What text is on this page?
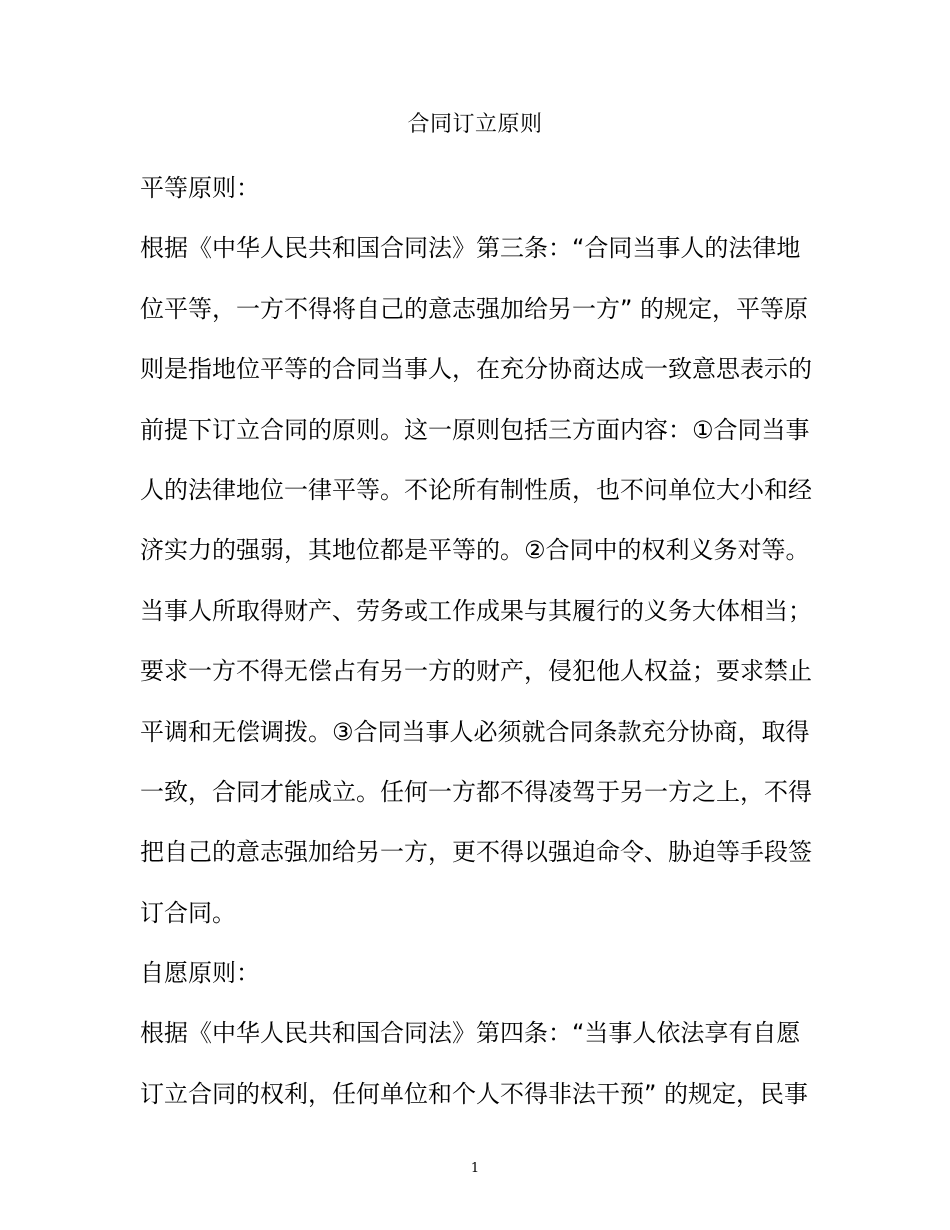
合同订立原则
平等原则：
根据《中华人民共和国合同法》第三条：“合同当事人的法律地
位平等，一方不得将自己的意志强加给另一方” 的规定，平等原
则是指地位平等的合同当事人，在充分协商达成一致意思表示的
前提下订立合同的原则。这一原则包括三方面内容：①合同当事
人的法律地位一律平等。不论所有制性质，也不问单位大小和经
济实力的强弱，其地位都是平等的。②合同中的权利义务对等。
当事人所取得财产、劳务或工作成果与其履行的义务大体相当；
要求一方不得无偿占有另一方的财产，侵犯他人权益；要求禁止
平调和无偿调拨。③合同当事人必须就合同条款充分协商，取得
一致，合同才能成立。任何一方都不得凌驾于另一方之上，不得
把自己的意志强加给另一方，更不得以强迫命令、胁迫等手段签
订合同。
自愿原则：
根据《中华人民共和国合同法》第四条：“当事人依法享有自愿
订立合同的权利，任何单位和个人不得非法干预” 的规定，民事
1
